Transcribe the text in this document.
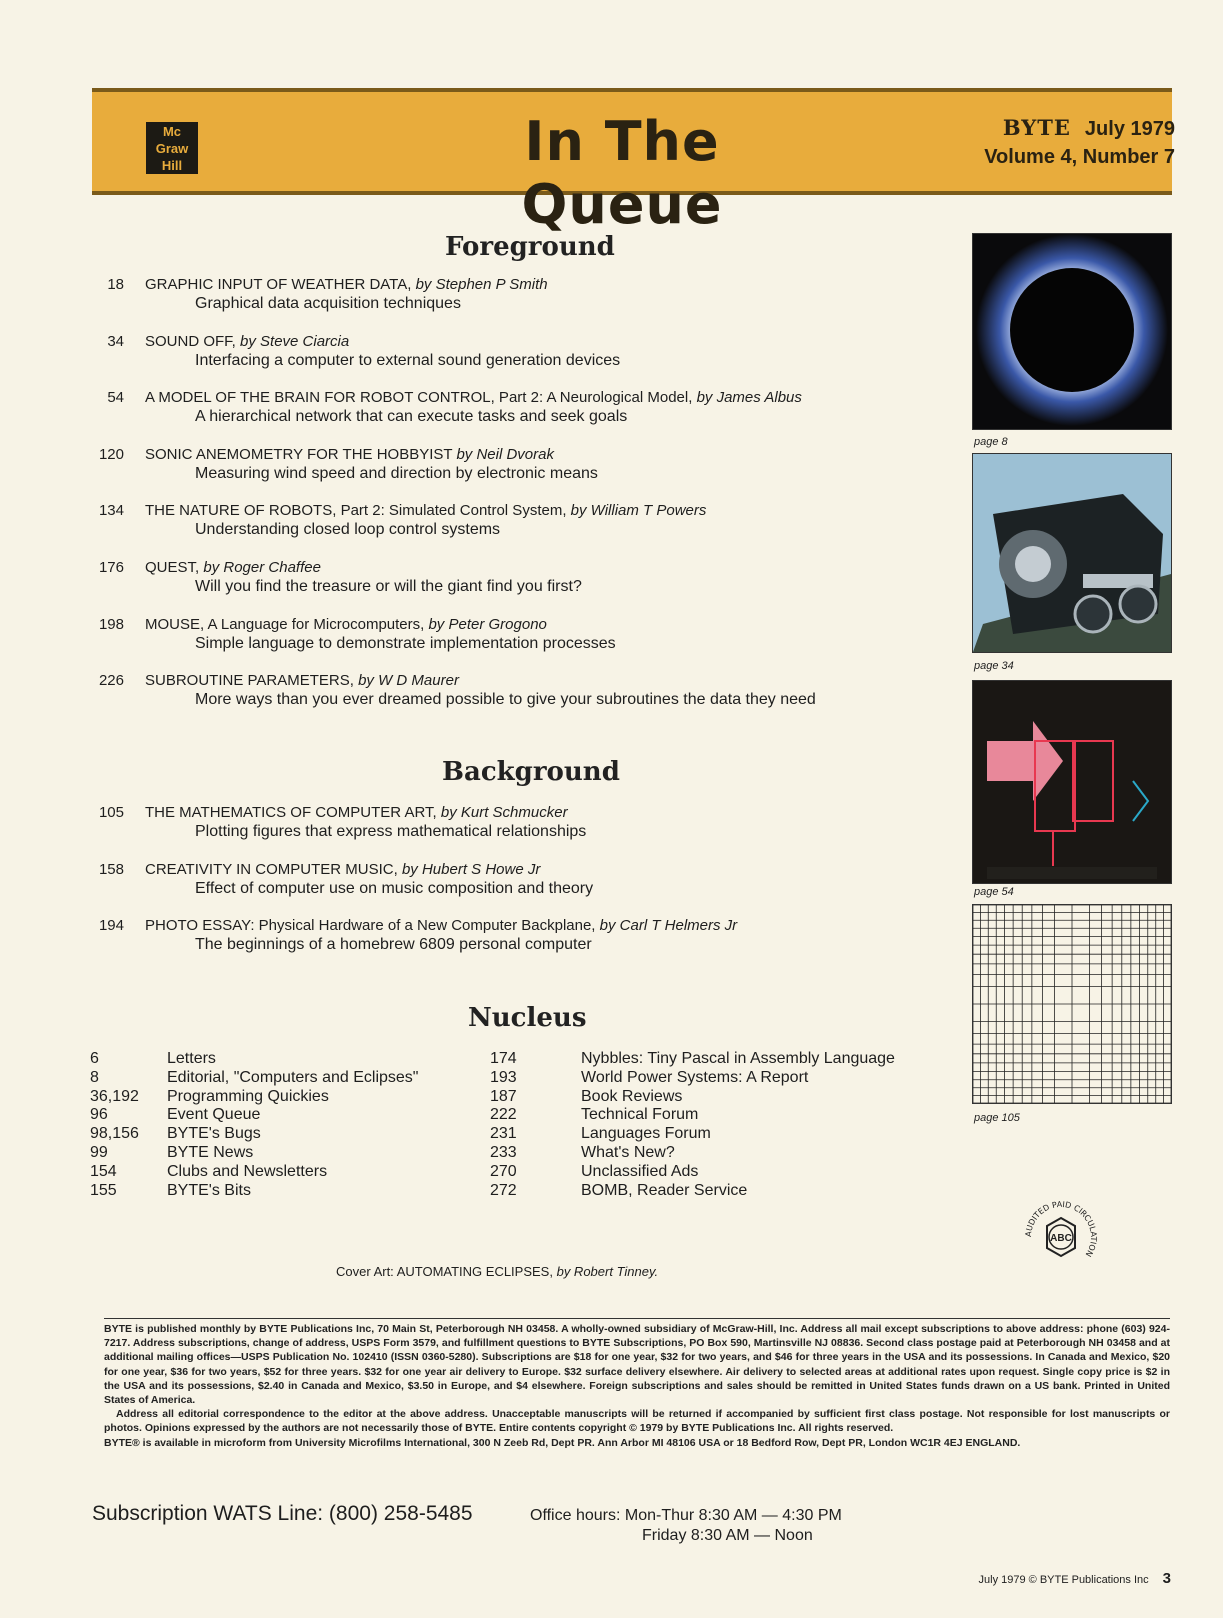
Mc
Graw
Hill	In The Queue
BYTE July 1979
Volume 4, Number 7
Foreground
18 GRAPHIC INPUT OF WEATHER DATA, by Stephen P Smith
Graphical data acquisition techniques
34 SOUND OFF, by Steve Ciarcia
Interfacing a computer to external sound generation devices
54 A MODEL OF THE BRAIN FOR ROBOT CONTROL, Part 2: A Neurological Model, by James Albus
A hierarchical network that can execute tasks and seek goals
120 SONIC ANEMOMETRY FOR THE HOBBYIST by Neil Dvorak
Measuring wind speed and direction by electronic means
134 THE NATURE OF ROBOTS, Part 2: Simulated Control System, by William T Powers
Understanding closed loop control systems
176 QUEST, by Roger Chaffee
Will you find the treasure or will the giant find you first?
198 MOUSE, A Language for Microcomputers, by Peter Grogono
Simple language to demonstrate implementation processes
226 SUBROUTINE PARAMETERS, by W D Maurer
More ways than you ever dreamed possible to give your subroutines the data they need
Background
105 THE MATHEMATICS OF COMPUTER ART, by Kurt Schmucker
Plotting figures that express mathematical relationships
158 CREATIVITY IN COMPUTER MUSIC, by Hubert S Howe Jr
Effect of computer use on music composition and theory
194 PHOTO ESSAY: Physical Hardware of a New Computer Backplane, by Carl T Helmers Jr
The beginnings of a homebrew 6809 personal computer
Nucleus
6	Letters
8	Editorial, "Computers and Eclipses"
36,192 Programming Quickies
96	Event Queue
98,156 BYTE's Bugs
99	BYTE News
154	Clubs and Newsletters
155	BYTE's Bits
174	Nybbles: Tiny Pascal in Assembly Language
193	World Power Systems: A Report
187	Book Reviews
222	Technical Forum
231	Languages Forum
233	What's New?
270	Unclassified Ads
272	BOMB, Reader Service
Cover Art: AUTOMATING ECLIPSES, by Robert Tinney.
page 8
page 34
page 54
page 105
AUDITED PAID CIRCULATION
ABC

BYTE is published monthly by BYTE Publications Inc, 70 Main St, Peterborough NH 03458. A wholly-owned subsidiary of McGraw-Hill, Inc. Address all mail except subscriptions to above address: phone (603) 924-7217. Address subscriptions, change of address, USPS Form 3579, and fulfillment questions to BYTE Subscriptions, PO Box 590, Martinsville NJ 08836. Second class postage paid at Peterborough NH 03458 and at additional mailing offices—USPS Publication No. 102410 (ISSN 0360-5280). Subscriptions are $18 for one year, $32 for two years, and $46 for three years in the USA and its possessions. In Canada and Mexico, $20 for one year, $36 for two years, $52 for three years. $32 for one year air delivery to Europe. $32 surface delivery elsewhere. Air delivery to selected areas at additional rates upon request. Single copy price is $2 in the USA and its possessions, $2.40 in Canada and Mexico, $3.50 in Europe, and $4 elsewhere. Foreign subscriptions and sales should be remitted in United States funds drawn on a US bank. Printed in United States of America.

Address all editorial correspondence to the editor at the above address. Unacceptable manuscripts will be returned if accompanied by sufficient first class postage. Not responsible for lost manuscripts or photos. Opinions expressed by the authors are not necessarily those of BYTE. Entire contents copyright © 1979 by BYTE Publications Inc. All rights reserved.

BYTE® is available in microform from University Microfilms International, 300 N Zeeb Rd, Dept PR. Ann Arbor MI 48106 USA or 18 Bedford Row, Dept PR, London WC1R 4EJ ENGLAND.

Subscription WATS Line: (800) 258-5485	Office hours: Mon-Thur 8:30 AM — 4:30 PM
Friday 8:30 AM — Noon
July 1979 © BYTE Publications Inc 3
